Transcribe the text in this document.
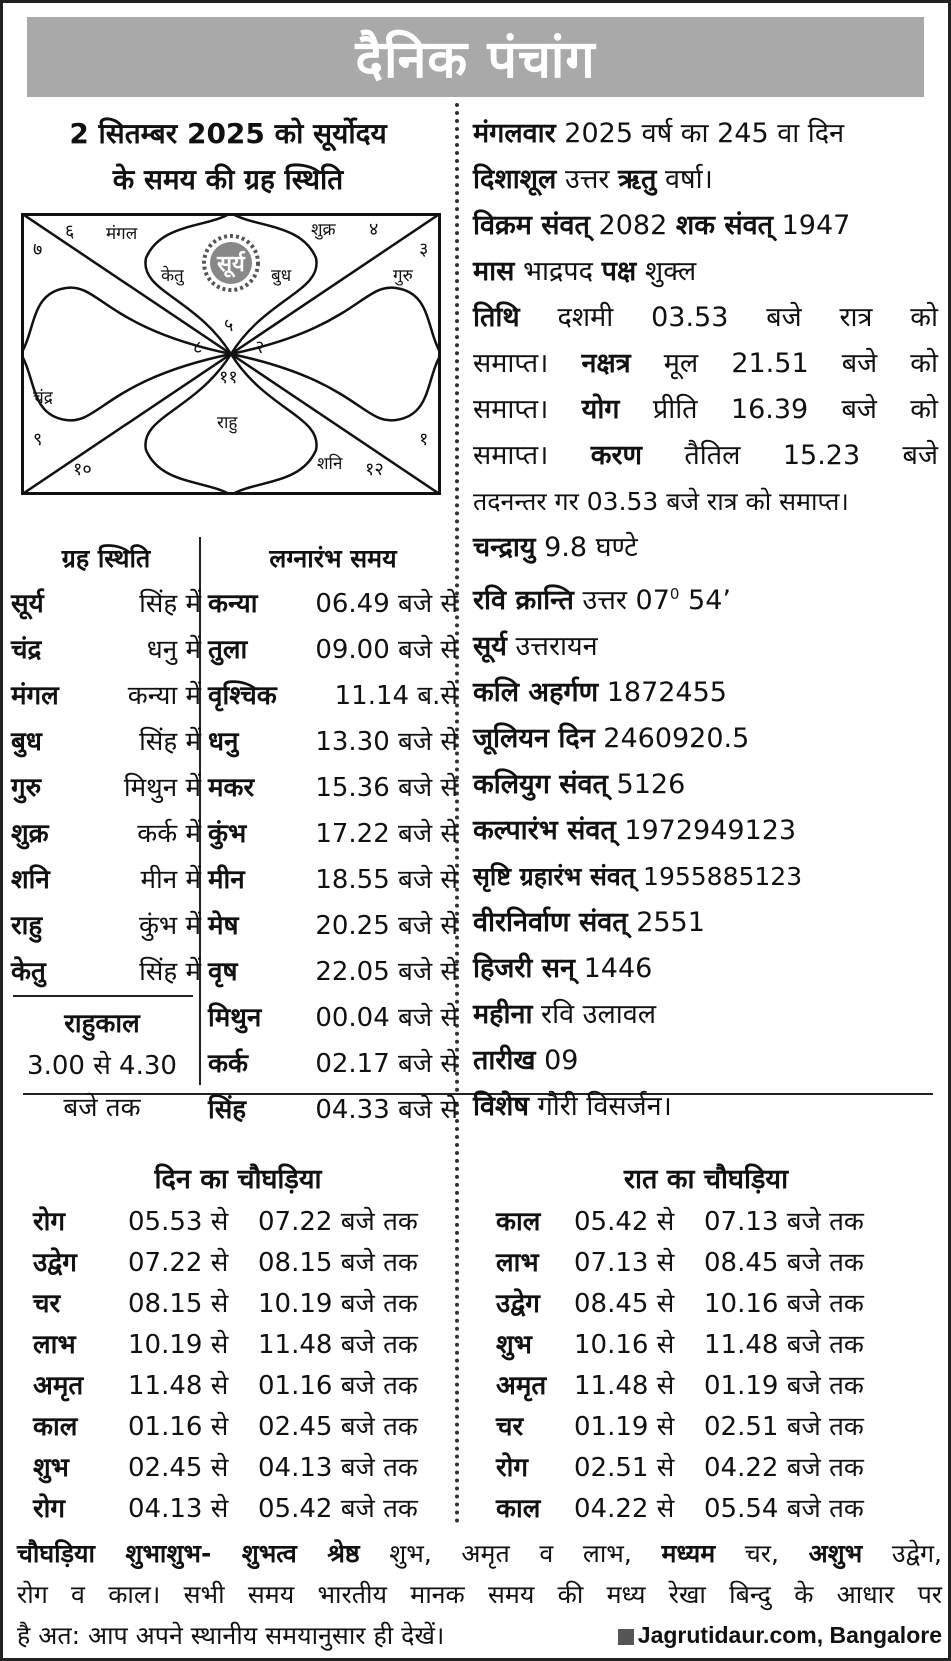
दैनिक पंचांग
2 सितम्बर 2025 को सूर्योदय
के समय की ग्रह स्थिति
सूर्य
मंगल	शुक्र
केतु	बुध	गुरु
चंद्र
राहु
शनि
६	४
७	३
५
८	२
११
९	१
१०	१२
मंगलवार 2025 वर्ष का 245 वा दिन
दिशाशूल उत्तर ऋतु वर्षा।
विक्रम संवत् 2082 शक संवत् 1947
मास भाद्रपद पक्ष शुक्ल
तिथि दशमी 03.53 बजे रात्र को
समाप्त। नक्षत्र मूल 21.51 बजे को
समाप्त। योग प्रीति 16.39 बजे को
समाप्त। करण तैतिल 15.23 बजे
तदनन्तर गर 03.53 बजे रात्र को समाप्त।
चन्द्रायु 9.8 घण्टे
रवि क्रान्ति उत्तर $07^0$ 54’
सूर्य उत्तरायन
कलि अहर्गण 1872455
जूलियन दिन 2460920.5
कलियुग संवत् 5126
कल्पारंभ संवत् 1972949123
सृष्टि ग्रहारंभ संवत् 1955885123
वीरनिर्वाण संवत् 2551
हिजरी सन् 1446
महीना रवि उलावल
तारीख 09
विशेष गौरी विसर्जन।
ग्रह स्थिति
सूर्य	सिंह में
चंद्र	धनु में
मंगल	कन्या में
बुध	सिंह में
गुरु	मिथुन में
शुक्र	कर्क में
शनि	मीन में
राहु	कुंभ में
केतु	सिंह में
राहुकाल
3.00 से 4.30
बजे तक
लग्नारंभ समय
कन्या 06.49 बजे से
तुला	09.00 बजे से
वृश्चिक 11.14 ब.से
धनु	13.30 बजे से
मकर 15.36 बजे से
कुंभ	17.22 बजे से
मीन	18.55 बजे से
मेष	20.25 बजे से
वृष	22.05 बजे से
मिथुन 00.04 बजे से
कर्क	02.17 बजे से
सिंह	04.33 बजे से
दिन का चौघड़िया
रोग	05.53 से	07.22 बजे तक
उद्वेग	07.22 से	08.15 बजे तक
चर	08.15 से	10.19 बजे तक
लाभ	10.19 से	11.48 बजे तक
अमृत	11.48 से	01.16 बजे तक
काल	01.16 से	02.45 बजे तक
शुभ	02.45 से	04.13 बजे तक
रोग	04.13 से	05.42 बजे तक
रात का चौघड़िया
काल	05.42 से	07.13 बजे तक
लाभ	07.13 से	08.45 बजे तक
उद्वेग	08.45 से	10.16 बजे तक
शुभ	10.16 से	11.48 बजे तक
अमृत	11.48 से	01.19 बजे तक
चर	01.19 से	02.51 बजे तक
रोग	02.51 से	04.22 बजे तक
काल	04.22 से	05.54 बजे तक

चौघड़िया शुभाशुभ- शुभत्व श्रेष्ठ शुभ, अमृत व लाभ, मध्यम चर, अशुभ उद्वेग,

रोग व काल। सभी समय भारतीय मानक समय की मध्य रेखा बिन्दु के आधार पर

है अत: आप अपने स्थानीय समयानुसार ही देखें।	Jagrutidaur.com, Bangalore
